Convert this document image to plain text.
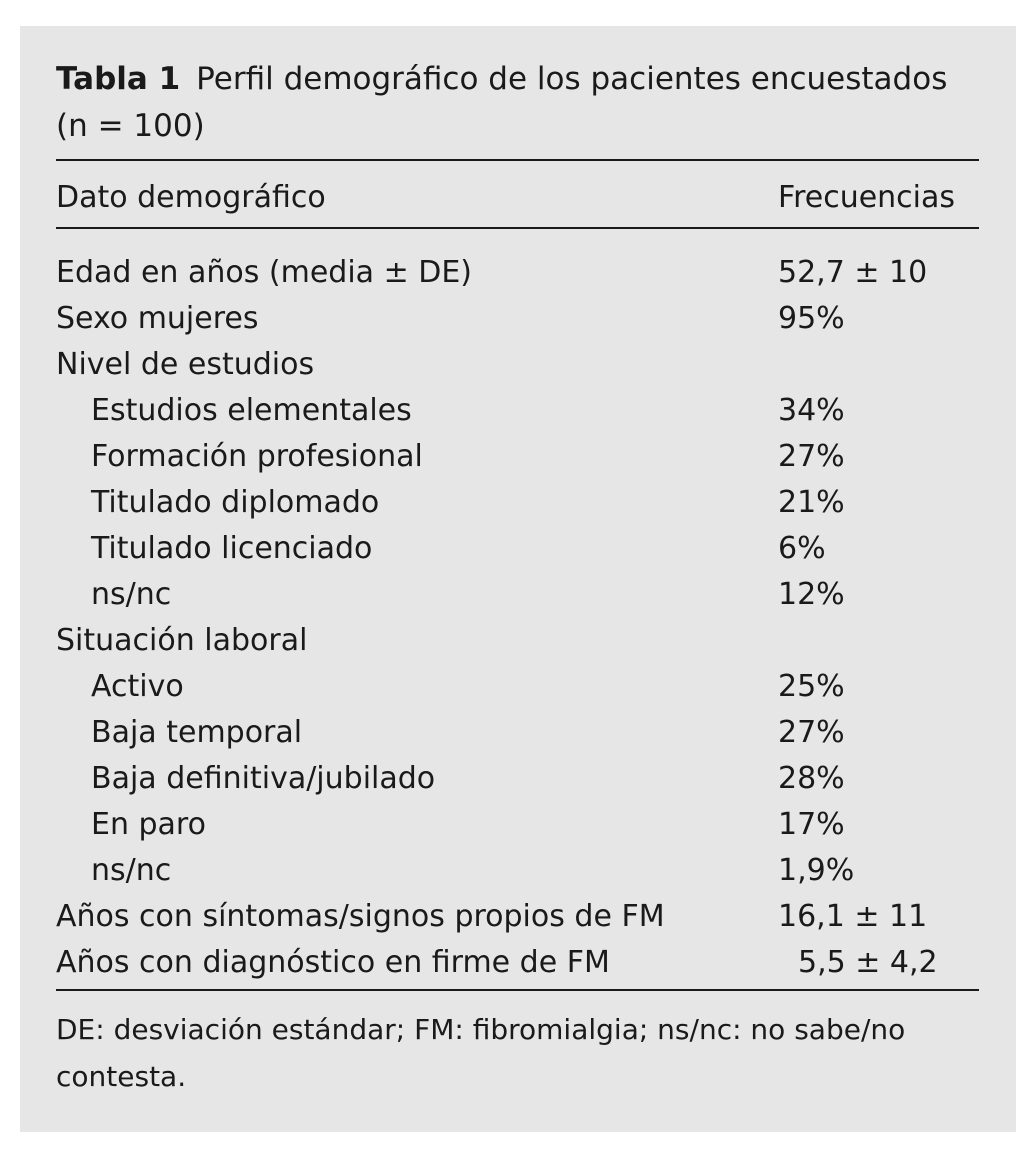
Tabla 1 Perfil demográfico de los pacientes encuestados (n = 100)
Dato demográfico	Frecuencias
Edad en años (media ± DE)	52,7 ± 10
Sexo mujeres	95%
Nivel de estudios
Estudios elementales	34%
Formación profesional	27%
Titulado diplomado	21%
Titulado licenciado	6%
ns/nc	12%
Situación laboral
Activo	25%
Baja temporal	27%
Baja definitiva/jubilado	28%
En paro	17%
ns/nc	1,9%
Años con síntomas/signos propios de FM	16,1 ± 11
Años con diagnóstico en firme de FM	5,5 ± 4,2
DE: desviación estándar; FM: fibromialgia; ns/nc: no sabe/no contesta.
